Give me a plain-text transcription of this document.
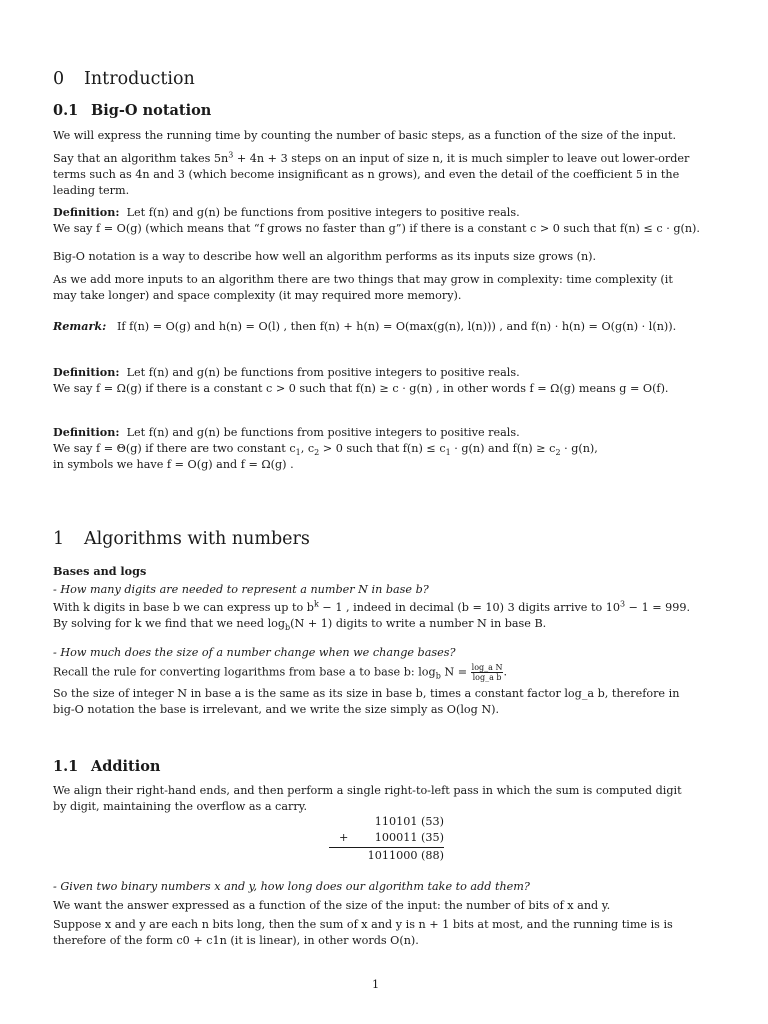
0 Introduction
0.1 Big-O notation

We will express the running time by counting the number of basic steps, as a function of the size of the input.

Say that an algorithm takes $5n^3 + 4n + 3$ steps on an input of size n, it is much simpler to leave out lower-order terms such as 4n and 3 (which become insignificant as n grows), and even the detail of the coefficient 5 in the leading term.

Definition: Let f(n) and g(n) be functions from positive integers to positive reals.
We say f = O(g) (which means that “f grows no faster than g”) if there is a constant c > 0 such that f(n) ≤ c · g(n).

Big-O notation is a way to describe how well an algorithm performs as its inputs size grows (n).

As we add more inputs to an algorithm there are two things that may grow in complexity: time complexity (it may take longer) and space complexity (it may required more memory).

Remark: If f(n) = O(g) and h(n) = O(l) , then f(n) + h(n) = O(max(g(n), l(n))) , and f(n) · h(n) = O(g(n) · l(n)).
Definition: Let f(n) and g(n) be functions from positive integers to positive reals.
We say f = Ω(g) if there is a constant c > 0 such that f(n) ≥ c · g(n) , in other words f = Ω(g) means g = O(f).
Definition: Let f(n) and g(n) be functions from positive integers to positive reals.
We say f = Θ(g) if there are two constant $c_1$, $c_2 > 0$ such that $f(n) \le c_1 \cdot g(n)$ and $f(n) \ge c_2 \cdot g(n)$,
in symbols we have f = O(g) and f = Ω(g) .
1 Algorithms with numbers
Bases and logs
- How many digits are needed to represent a number N in base b?

With k digits in base b we can express up to $b^k - 1$ , indeed in decimal (b = 10) 3 digits arrive to $10^3 - 1 = 999$. By solving for k we find that we need $\log_b(N + 1)$ digits to write a number N in base B.

- How much does the size of a number change when we change bases?
Recall the rule for converting logarithms from base a to base b: $\log_b N = \frac{\text{log\_a N}}{\text{log\_a b}}$ .

So the size of integer N in base a is the same as its size in base b, times a constant factor log_a b, therefore in big-O notation the base is irrelevant, and we write the size simply as O(log N).

1.1 Addition

We align their right-hand ends, and then perform a single right-to-left pass in which the sum is computed digit by digit, maintaining the overflow as a carry.

110101 (53)
+ 100011 (35)
1011000 (88)
- Given two binary numbers x and y, how long does our algorithm take to add them?
We want the answer expressed as a function of the size of the input: the number of bits of x and y.

Suppose x and y are each n bits long, then the sum of x and y is n + 1 bits at most, and the running time is is therefore of the form c0 + c1n (it is linear), in other words O(n).

1
